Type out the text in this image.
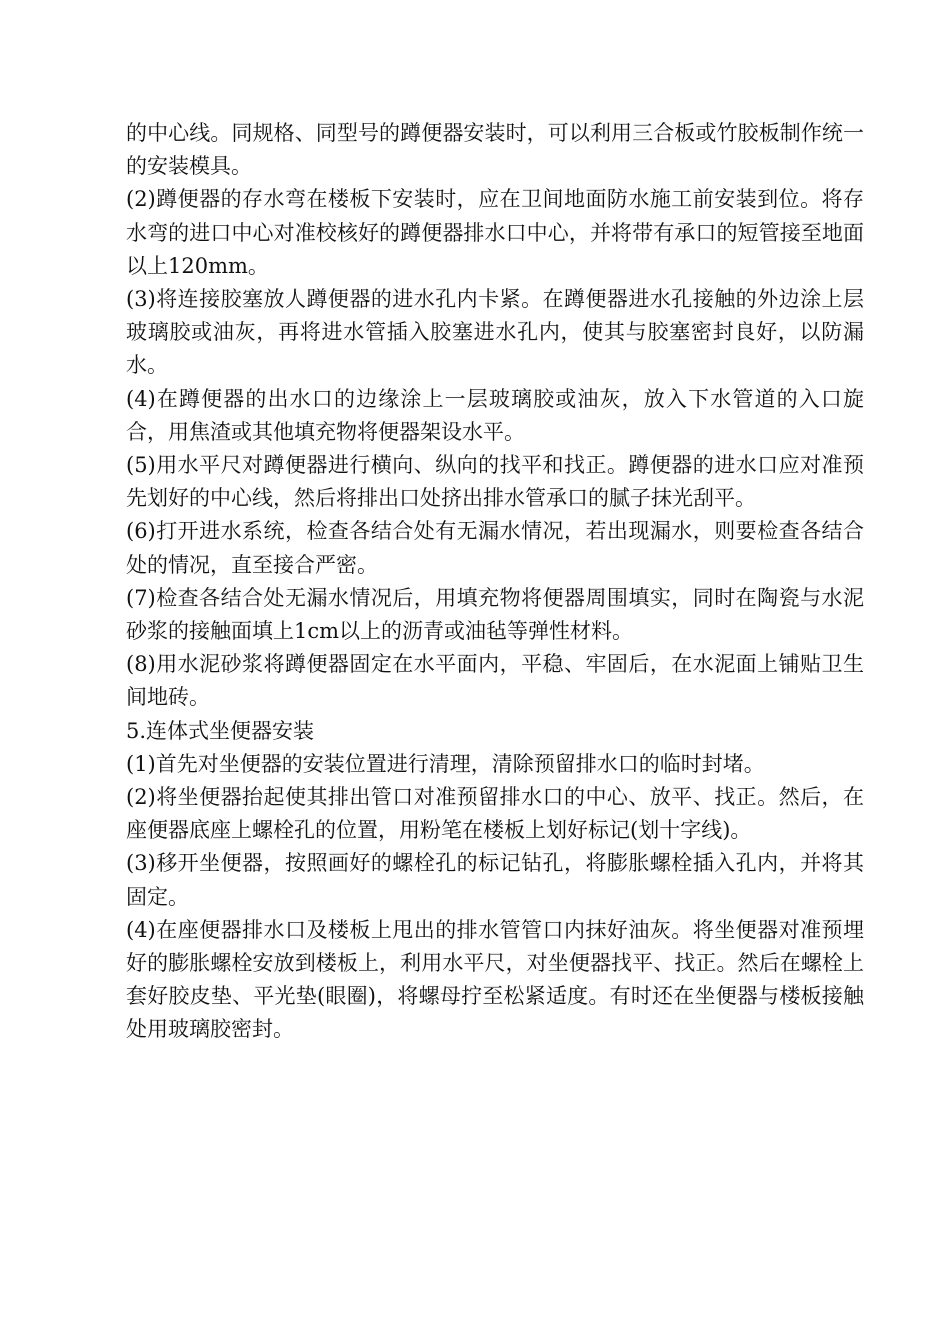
的中心线。同规格、同型号的蹲便器安装时，可以利用三合板或竹胶板制作统一的安装模具。

(2)蹲便器的存水弯在楼板下安装时，应在卫间地面防水施工前安装到位。将存水弯的进口中心对准校核好的蹲便器排水口中心，并将带有承口的短管接至地面以上120mm。

(3)将连接胶塞放人蹲便器的进水孔内卡紧。在蹲便器进水孔接触的外边涂上层玻璃胶或油灰，再将进水管插入胶塞进水孔内，使其与胶塞密封良好，以防漏水。

(4)在蹲便器的出水口的边缘涂上一层玻璃胶或油灰，放入下水管道的入口旋合，用焦渣或其他填充物将便器架设水平。

(5)用水平尺对蹲便器进行横向、纵向的找平和找正。蹲便器的进水口应对准预先划好的中心线，然后将排出口处挤出排水管承口的腻子抹光刮平。

(6)打开进水系统，检查各结合处有无漏水情况，若出现漏水，则要检查各结合处的情况，直至接合严密。

(7)检查各结合处无漏水情况后，用填充物将便器周围填实，同时在陶瓷与水泥砂浆的接触面填上1cm以上的沥青或油毡等弹性材料。

(8)用水泥砂浆将蹲便器固定在水平面内，平稳、牢固后，在水泥面上铺贴卫生间地砖。

5.连体式坐便器安装

(1)首先对坐便器的安装位置进行清理，清除预留排水口的临时封堵。

(2)将坐便器抬起使其排出管口对准预留排水口的中心、放平、找正。然后，在座便器底座上螺栓孔的位置，用粉笔在楼板上划好标记(划十字线)。

(3)移开坐便器，按照画好的螺栓孔的标记钻孔，将膨胀螺栓插入孔内，并将其固定。

(4)在座便器排水口及楼板上甩出的排水管管口内抹好油灰。将坐便器对准预埋好的膨胀螺栓安放到楼板上，利用水平尺，对坐便器找平、找正。然后在螺栓上套好胶皮垫、平光垫(眼圈)，将螺母拧至松紧适度。有时还在坐便器与楼板接触处用玻璃胶密封。
